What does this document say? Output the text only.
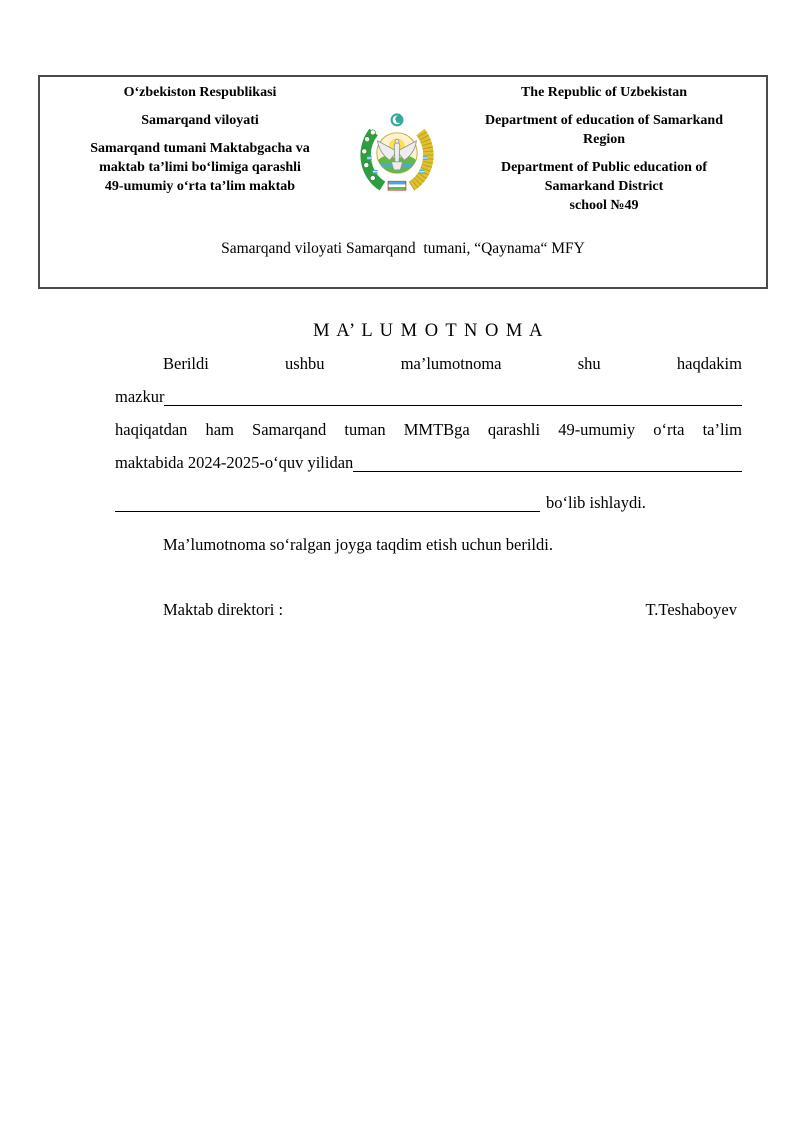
O‘zbekiston Respublikasi
Samarqand viloyati
Samarqand tumani Maktabgacha va
maktab ta’limi bo‘limiga qarashli
49-umumiy o‘rta ta’lim maktab
The Republic of Uzbekistan
Department of education of Samarkand
Region
Department of Public education of
Samarkand District
school №49
Samarqand viloyati Samarqand  tumani, “Qaynama“ MFY
M A’ L U M O T N O M A
Berildi	ushbu	ma’lumotnoma	shu	haqdakim
mazkur
haqiqatdan ham Samarqand tuman MMTBga qarashli 49-umumiy o‘rta ta’lim
maktabida 2024-2025-o‘quv yilidan
bo‘lib ishlaydi.
Ma’lumotnoma so‘ralgan joyga taqdim etish uchun berildi.
Maktab direktori :	T.Teshaboyev
